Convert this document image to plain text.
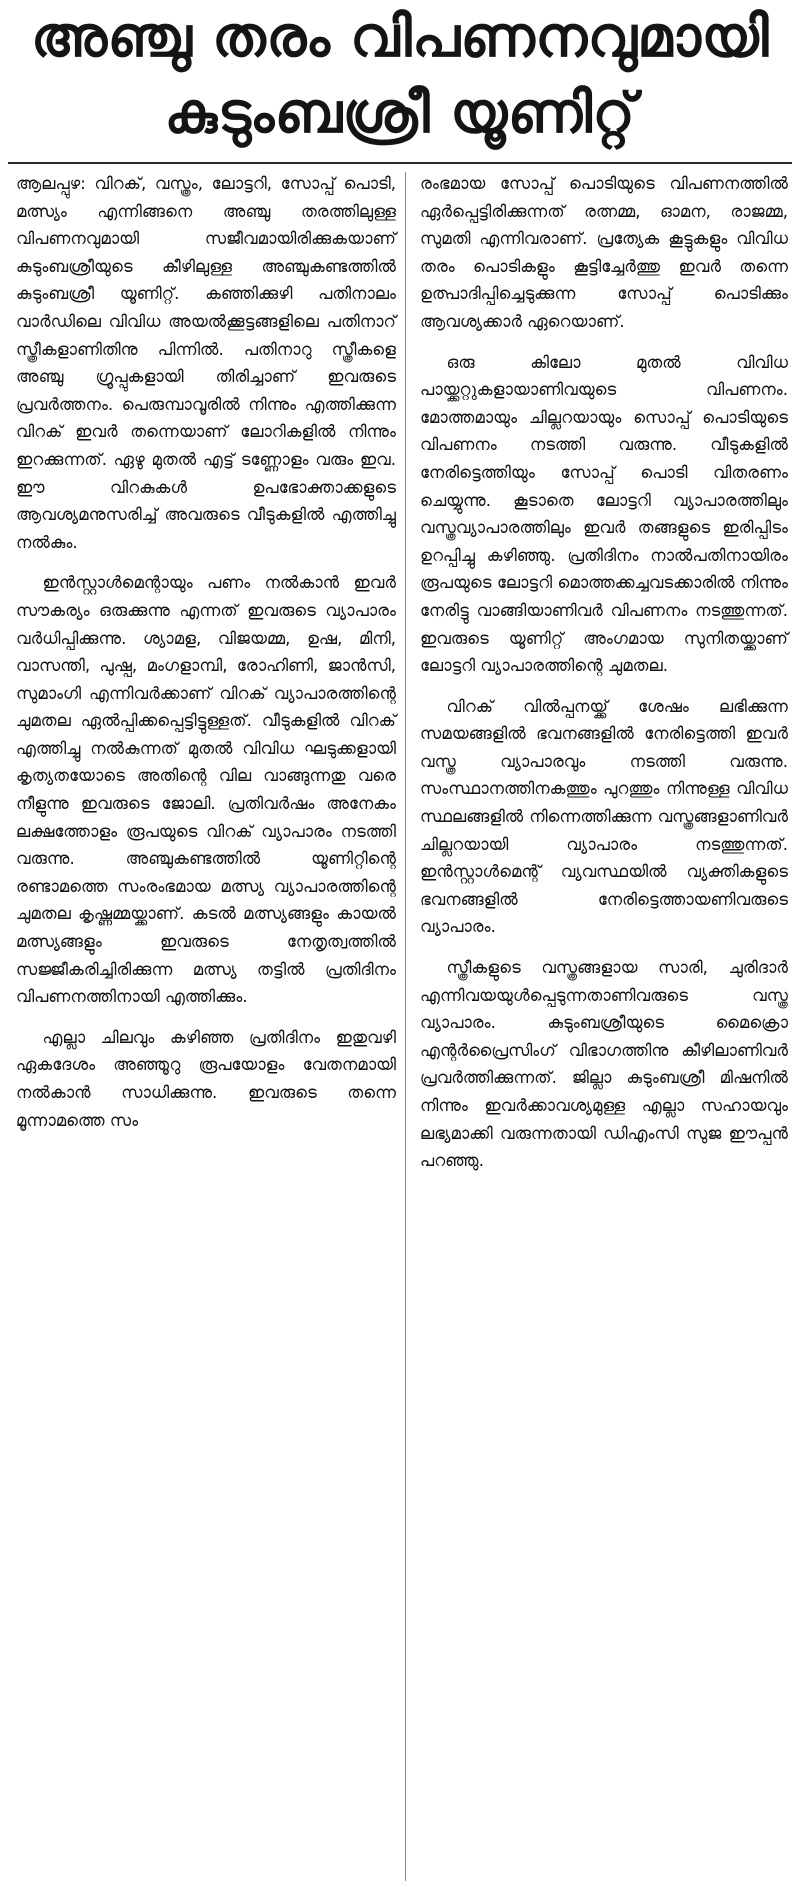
അഞ്ചു തരം വിപണനവുമായി
കുടുംബശ്രീ യൂണിറ്റ്

ആലപ്പുഴ: വിറക്, വസ്ത്രം, ലോട്ടറി, സോപ്പ് പൊടി, മത്സ്യം എന്നിങ്ങനെ അഞ്ചു തരത്തിലുള്ള വിപണനവുമായി സജീവമായിരിക്കുകയാണ് കുടുംബശ്രീയുടെ കീഴിലുള്ള അഞ്ചുകണ്ടത്തിൽ കുടുംബശ്രീ യൂണിറ്റ്. കഞ്ഞിക്കുഴി പതിനാലം വാർഡിലെ വിവിധ അയൽക്കൂട്ടങ്ങളിലെ പതിനാറ് സ്ത്രീകളാണിതിനു പിന്നിൽ. പതിനാറു സ്ത്രീകളെ അഞ്ചു ഗ്രൂപ്പുകളായി തിരിച്ചാണ് ഇവരുടെ പ്രവർത്തനം. പെരുമ്പാവൂരിൽ നിന്നും എത്തിക്കുന്ന വിറക് ഇവർ തന്നെയാണ് ലോറികളിൽ നിന്നും ഇറക്കുന്നത്. ഏഴു മുതൽ എട്ട് ടണ്ണോളം വരും ഇവ. ഈ വിറകുകൾ ഉപഭോക്താക്കളുടെ ആവശ്യമനുസരിച്ച് അവരുടെ വീടുകളിൽ എത്തിച്ചു നൽകും.

ഇൻസ്റ്റാൾമെന്റായും പണം നൽകാൻ ഇവർ സൗകര്യം ഒരുക്കുന്നു എന്നത് ഇവരുടെ വ്യാപാരം വർധിപ്പിക്കുന്നു. ശ്യാമള, വിജയമ്മ, ഉഷ, മിനി, വാസന്തി, പുഷ്പ, മംഗളാമ്പി, രോഹിണി, ജാൻസി, സുമാംഗി എന്നിവർക്കാണ് വിറക് വ്യാപാരത്തിന്റെ ചുമതല ഏൽപ്പിക്കപ്പെട്ടിട്ടുള്ളത്. വീടുകളിൽ വിറക് എത്തിച്ചു നൽകുന്നത് മുതൽ വിവിധ ഘടുക്കളായി കൃത്യതയോടെ അതിന്റെ വില വാങ്ങുന്നതു വരെ നീളുന്നു ഇവരുടെ ജോലി. പ്രതിവർഷം അനേകം ലക്ഷത്തോളം രൂപയുടെ വിറക് വ്യാപാരം നടത്തി വരുന്നു. അഞ്ചുകണ്ടത്തിൽ യൂണിറ്റിന്റെ രണ്ടാമത്തെ സംരംഭമായ മത്സ്യ വ്യാപാരത്തിന്റെ ചുമതല കൃഷ്ണമ്മയ്ക്കാണ്. കടൽ മത്സ്യങ്ങളും കായൽ മത്സ്യങ്ങളും ഇവരുടെ നേതൃത്വത്തിൽ സജ്ജീകരിച്ചിരിക്കുന്ന മത്സ്യ തട്ടിൽ പ്രതിദിനം വിപണനത്തിനായി എത്തിക്കും.

എല്ലാ ചിലവും കഴിഞ്ഞ പ്രതിദിനം ഇതുവഴി ഏകദേശം അഞ്ഞൂറു രൂപയോളം വേതനമായി നൽകാൻ സാധിക്കുന്നു. ഇവരുടെ തന്നെ മൂന്നാമത്തെ സം

രംഭമായ സോപ്പ് പൊടിയുടെ വിപണനത്തിൽ ഏർപ്പെട്ടിരിക്കുന്നത് രത്നമ്മ, ഓമന, രാജമ്മ, സുമതി എന്നിവരാണ്. പ്രത്യേക കൂട്ടുകളും വിവിധ തരം പൊടികളും കൂട്ടിച്ചേർത്തു ഇവർ തന്നെ ഉത്പാദിപ്പിച്ചെടുക്കുന്ന സോപ്പ് പൊടിക്കും ആവശ്യക്കാർ ഏറെയാണ്.

ഒരു കിലോ മുതൽ വിവിധ പായ്ക്കറ്റുകളായാണിവയുടെ വിപണനം. മോത്തമായും ചില്ലറയായും സൊപ്പ് പൊടിയുടെ വിപണനം നടത്തി വരുന്നു. വീടുകളിൽ നേരിട്ടെത്തിയും സോപ്പ് പൊടി വിതരണം ചെയ്യുന്നു. കൂടാതെ ലോട്ടറി വ്യാപാരത്തിലും വസ്ത്രവ്യാപാരത്തിലും ഇവർ തങ്ങളുടെ ഇരിപ്പിടം ഉറപ്പിച്ചു കഴിഞ്ഞു. പ്രതിദിനം നാൽപതിനായിരം രൂപയുടെ ലോട്ടറി മൊത്തക്കച്ചവടക്കാരിൽ നിന്നും നേരിട്ടു വാങ്ങിയാണിവർ വിപണനം നടത്തുന്നത്. ഇവരുടെ യൂണിറ്റ് അംഗമായ സുനിതയ്ക്കാണ് ലോട്ടറി വ്യാപാരത്തിന്റെ ചുമതല.

വിറക് വിൽപ്പനയ്ക്ക് ശേഷം ലഭിക്കുന്ന സമയങ്ങളിൽ ഭവനങ്ങളിൽ നേരിട്ടെത്തി ഇവർ വസ്ത്ര വ്യാപാരവും നടത്തി വരുന്നു. സംസ്ഥാനത്തിനകത്തും പുറത്തും നിന്നുള്ള വിവിധ സ്ഥലങ്ങളിൽ നിന്നെത്തിക്കുന്ന വസ്ത്രങ്ങളാണിവർ ചില്ലറയായി വ്യാപാരം നടത്തുന്നത്. ഇൻസ്റ്റാൾമെന്റ് വ്യവസ്ഥയിൽ വ്യക്തികളുടെ ഭവനങ്ങളിൽ നേരിട്ടെത്തായണിവരുടെ വ്യാപാരം.

സ്ത്രീകളുടെ വസ്ത്രങ്ങളായ സാരി, ചുരിദാർ എന്നിവയയുൾപ്പെടുന്നതാണിവരുടെ വസ്ത്ര വ്യാപാരം. കുടുംബശ്രീയുടെ മൈക്രൊ എന്റർപ്രൈസിംഗ് വിഭാഗത്തിനു കീഴിലാണിവർ പ്രവർത്തിക്കുന്നത്. ജില്ലാ കുടുംബശ്രീ മിഷനിൽ നിന്നും ഇവർക്കാവശ്യമുള്ള എല്ലാ സഹായവും ലഭ്യമാക്കി വരുന്നതായി ഡിഎംസി സുജ ഈപ്പൻ പറഞ്ഞു.
